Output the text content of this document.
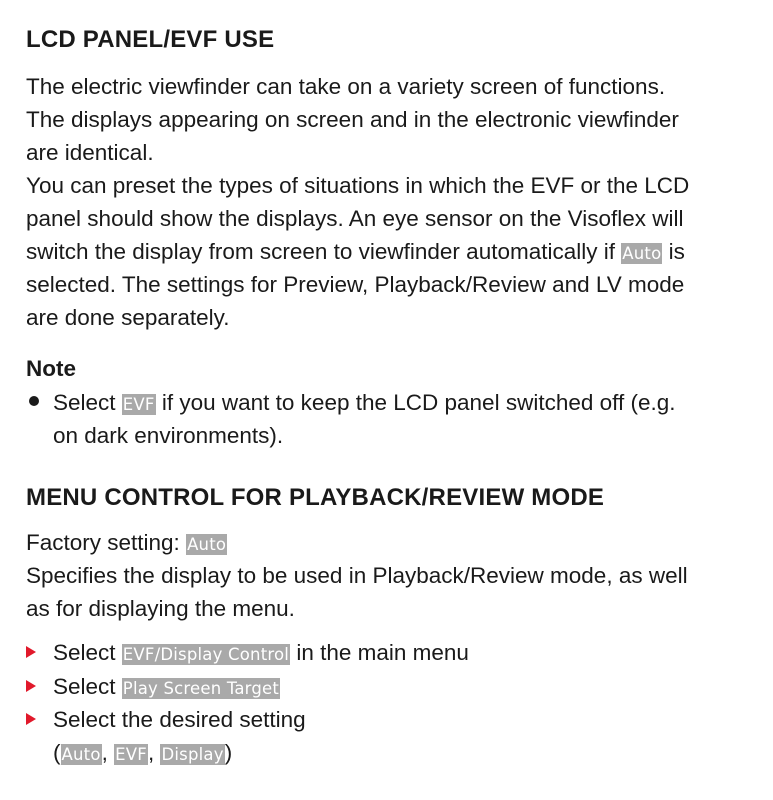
LCD PANEL/EVF USE
The electric viewfinder can take on a variety screen of functions.
The displays appearing on screen and in the electronic viewfinder
are identical.
You can preset the types of situations in which the EVF or the LCD
panel should show the displays. An eye sensor on the Visoflex will
switch the display from screen to viewfinder automatically if Auto is
selected. The settings for Preview, Playback/Review and LV mode
are done separately.
Note
Select EVF if you want to keep the LCD panel switched off (e.g.
on dark environments).
MENU CONTROL FOR PLAYBACK/REVIEW MODE
Factory setting: Auto
Specifies the display to be used in Playback/Review mode, as well
as for displaying the menu.
Select EVF/Display Control in the main menu
Select Play Screen Target
Select the desired setting
(Auto, EVF, Display)
